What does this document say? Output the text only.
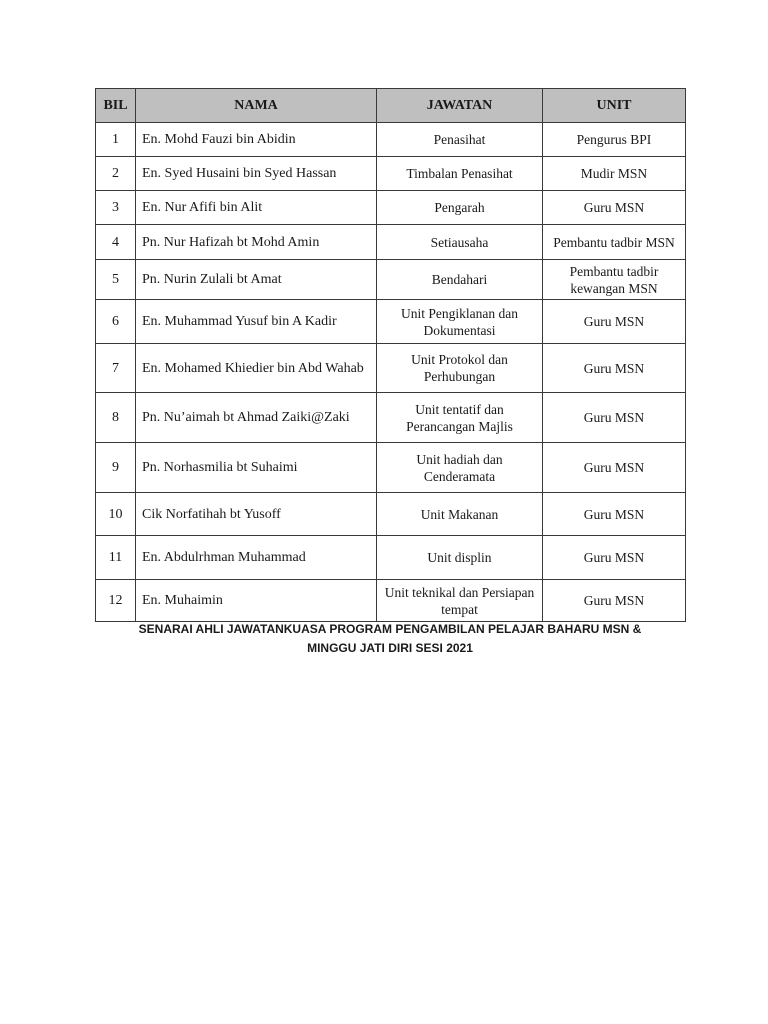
BIL	NAMA	JAWATAN	UNIT
1	En. Mohd Fauzi bin Abidin	Penasihat	Pengurus BPI
2	En. Syed Husaini bin Syed Hassan	Timbalan Penasihat	Mudir MSN
3	En. Nur Afifi bin Alit	Pengarah	Guru MSN
4	Pn. Nur Hafizah bt Mohd Amin	Setiausaha	Pembantu tadbir MSN
5	Pn. Nurin Zulali bt Amat	Bendahari	Pembantu tadbir kewangan MSN
6	En. Muhammad Yusuf bin A Kadir	Unit Pengiklanan dan Dokumentasi	Guru MSN
7	En. Mohamed Khiedier bin Abd Wahab	Unit Protokol dan Perhubungan	Guru MSN
8	Pn. Nu’aimah bt Ahmad Zaiki@Zaki	Unit tentatif dan Perancangan Majlis	Guru MSN
9	Pn. Norhasmilia bt Suhaimi	Unit hadiah dan Cenderamata	Guru MSN
10	Cik Norfatihah bt Yusoff	Unit Makanan	Guru MSN
11	En. Abdulrhman Muhammad	Unit displin	Guru MSN
12	En. Muhaimin	Unit teknikal dan Persiapan tempat	Guru MSN
SENARAI AHLI JAWATANKUASA PROGRAM PENGAMBILAN PELAJAR BAHARU MSN &
MINGGU JATI DIRI SESI 2021
